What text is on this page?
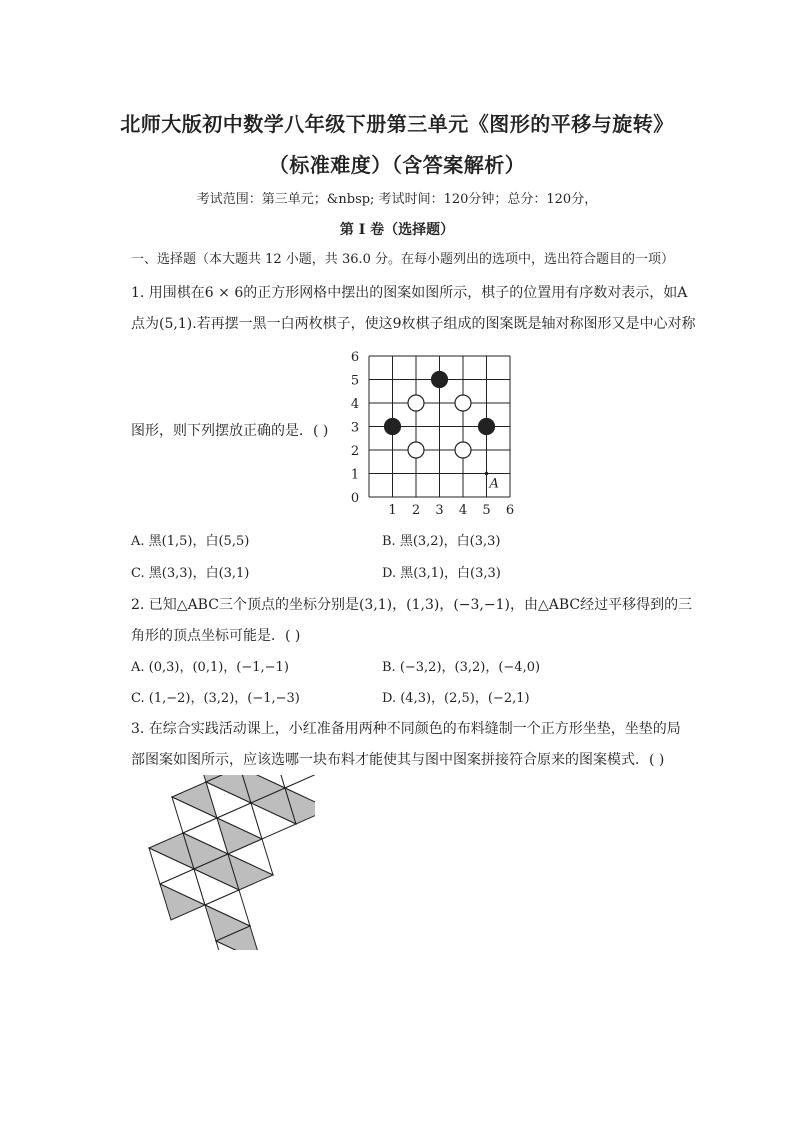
北师大版初中数学八年级下册第三单元《图形的平移与旋转》
（标准难度）（含答案解析）
考试范围：第三单元；&nbsp; 考试时间：120分钟；总分：120分，
第 I 卷（选择题）
一、选择题（本大题共 12 小题，共 36.0 分。在每小题列出的选项中，选出符合题目的一项）
1. 用围棋在6 × 6的正方形网格中摆出的图案如图所示，棋子的位置用有序数对表示，如A
点为(5,1).若再摆一黑一白两枚棋子，使这9枚棋子组成的图案既是轴对称图形又是中心对称
图形，则下列摆放正确的是．( )
0
1 2 3 4 5 6
1
2
3
4
5
6
A
A. 黑(1,5)，白(5,5)	B. 黑(3,2)，白(3,3)
C. 黑(3,3)，白(3,1)	D. 黑(3,1)，白(3,3)
2. 已知△ABC三个顶点的坐标分别是(3,1)，(1,3)，(−3,−1)，由△ABC经过平移得到的三
角形的顶点坐标可能是．( )
A. (0,3)，(0,1)，(−1,−1)	B. (−3,2)，(3,2)，(−4,0)
C. (1,−2)，(3,2)，(−1,−3)	D. (4,3)，(2,5)，(−2,1)
3. 在综合实践活动课上，小红准备用两种不同颜色的布料缝制一个正方形坐垫，坐垫的局
部图案如图所示，应该选哪一块布料才能使其与图中图案拼接符合原来的图案模式．( )
